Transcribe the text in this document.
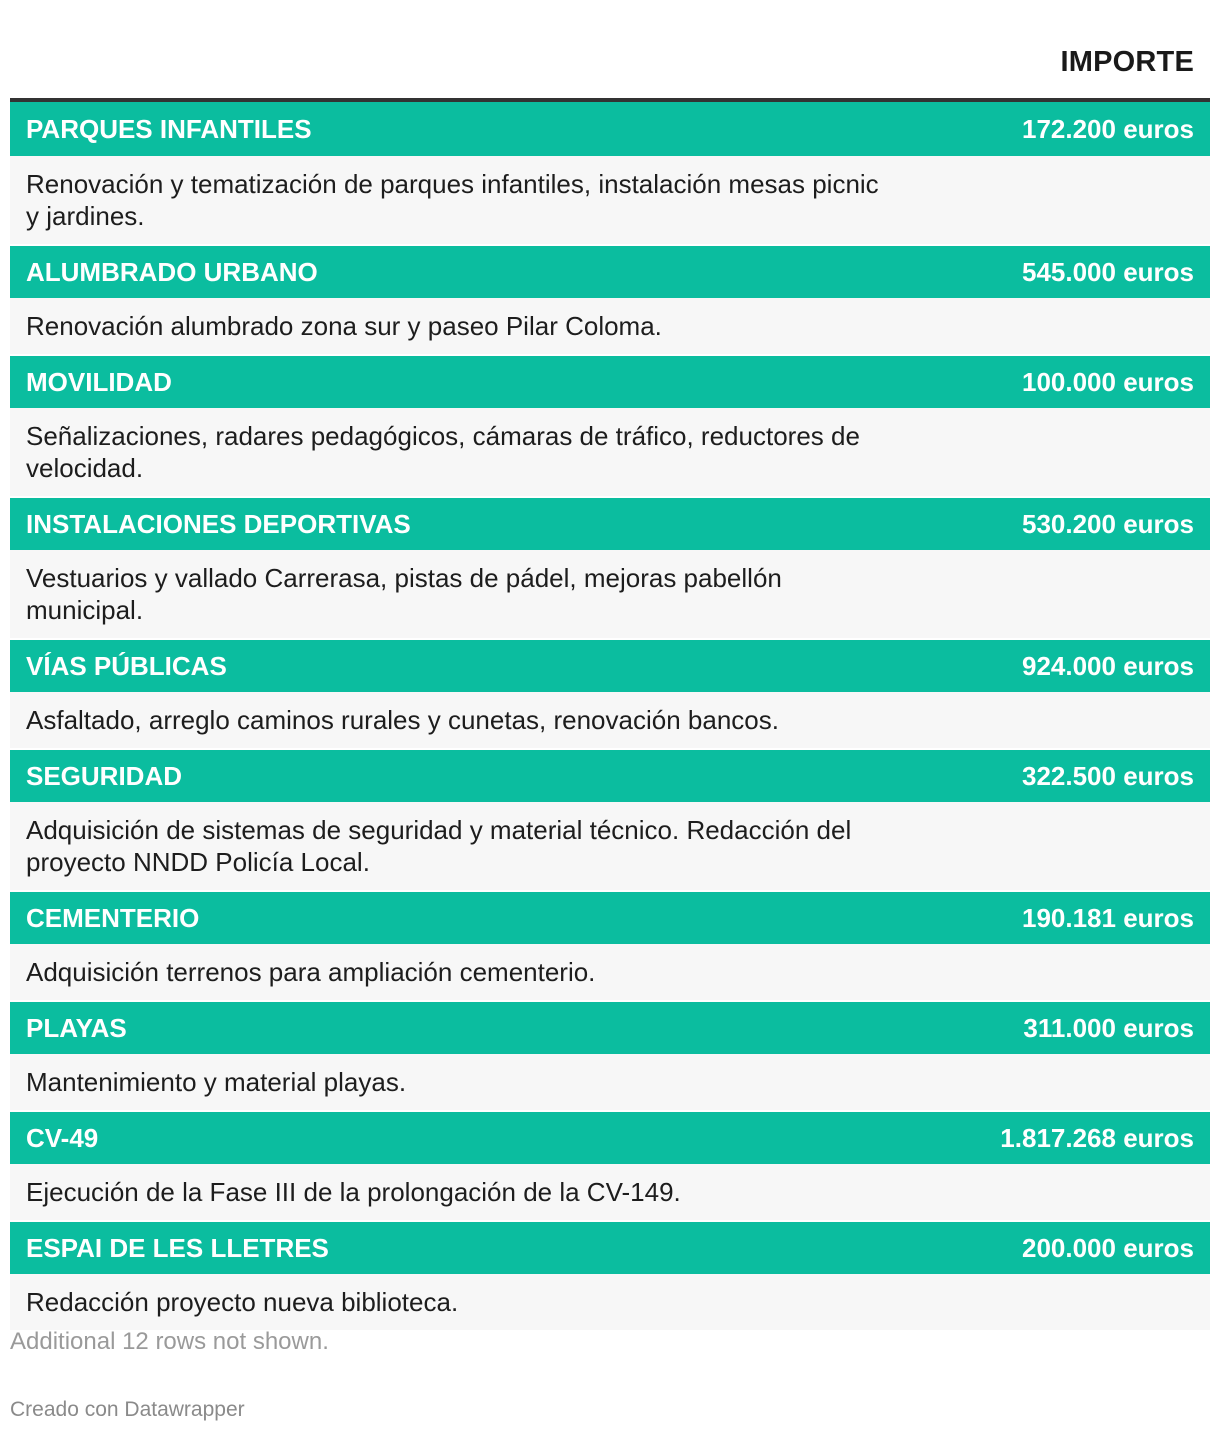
IMPORTE
PARQUES INFANTILES	172.200 euros
Renovación y tematización de parques infantiles, instalación mesas picnic y jardines.
ALUMBRADO URBANO	545.000 euros
Renovación alumbrado zona sur y paseo Pilar Coloma.
MOVILIDAD	100.000 euros
Señalizaciones, radares pedagógicos, cámaras de tráfico, reductores de velocidad.
INSTALACIONES DEPORTIVAS	530.200 euros
Vestuarios y vallado Carrerasa, pistas de pádel, mejoras pabellón municipal.
VÍAS PÚBLICAS	924.000 euros
Asfaltado, arreglo caminos rurales y cunetas, renovación bancos.
SEGURIDAD	322.500 euros
Adquisición de sistemas de seguridad y material técnico. Redacción del proyecto NNDD Policía Local.
CEMENTERIO	190.181 euros
Adquisición terrenos para ampliación cementerio.
PLAYAS	311.000 euros
Mantenimiento y material playas.
CV-49	1.817.268 euros
Ejecución de la Fase III de la prolongación de la CV-149.
ESPAI DE LES LLETRES	200.000 euros
Redacción proyecto nueva biblioteca.
Additional 12 rows not shown.
Creado con Datawrapper
